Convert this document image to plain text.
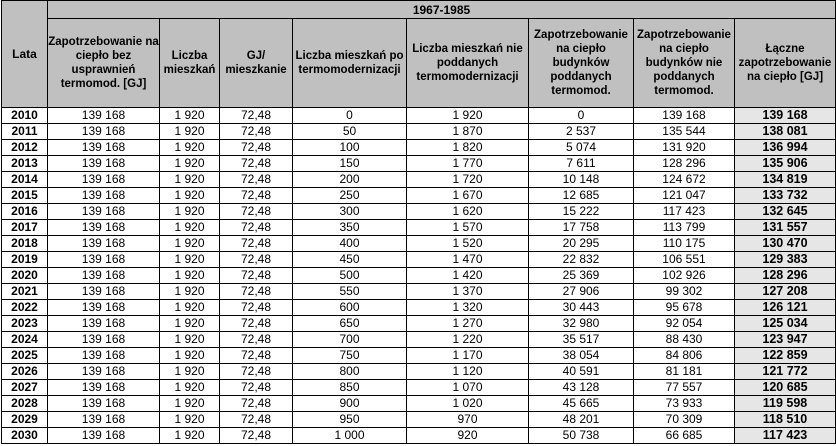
Lata	1967-1985							
	Zapotrzebowanie na ciepło bez usprawnień termomod. [GJ]	Liczba mieszkań	GJ/ mieszkanie	Liczba mieszkań po termomodernizacji	Liczba mieszkań nie poddanych termomodernizacji	Zapotrzebowanie na ciepło budynków poddanych termomod.	Zapotrzebowanie na ciepło budynków nie poddanych termomod.	Łączne zapotrzebowanie na ciepło [GJ]
2010	139 168	1 920	72,48	0	1 920	0	139 168	139 168
2011	139 168	1 920	72,48	50	1 870	2 537	135 544	138 081
2012	139 168	1 920	72,48	100	1 820	5 074	131 920	136 994
2013	139 168	1 920	72,48	150	1 770	7 611	128 296	135 906
2014	139 168	1 920	72,48	200	1 720	10 148	124 672	134 819
2015	139 168	1 920	72,48	250	1 670	12 685	121 047	133 732
2016	139 168	1 920	72,48	300	1 620	15 222	117 423	132 645
2017	139 168	1 920	72,48	350	1 570	17 758	113 799	131 557
2018	139 168	1 920	72,48	400	1 520	20 295	110 175	130 470
2019	139 168	1 920	72,48	450	1 470	22 832	106 551	129 383
2020	139 168	1 920	72,48	500	1 420	25 369	102 926	128 296
2021	139 168	1 920	72,48	550	1 370	27 906	99 302	127 208
2022	139 168	1 920	72,48	600	1 320	30 443	95 678	126 121
2023	139 168	1 920	72,48	650	1 270	32 980	92 054	125 034
2024	139 168	1 920	72,48	700	1 220	35 517	88 430	123 947
2025	139 168	1 920	72,48	750	1 170	38 054	84 806	122 859
2026	139 168	1 920	72,48	800	1 120	40 591	81 181	121 772
2027	139 168	1 920	72,48	850	1 070	43 128	77 557	120 685
2028	139 168	1 920	72,48	900	1 020	45 665	73 933	119 598
2029	139 168	1 920	72,48	950	970	48 201	70 309	118 510
2030	139 168	1 920	72,48	1 000	920	50 738	66 685	117 423
